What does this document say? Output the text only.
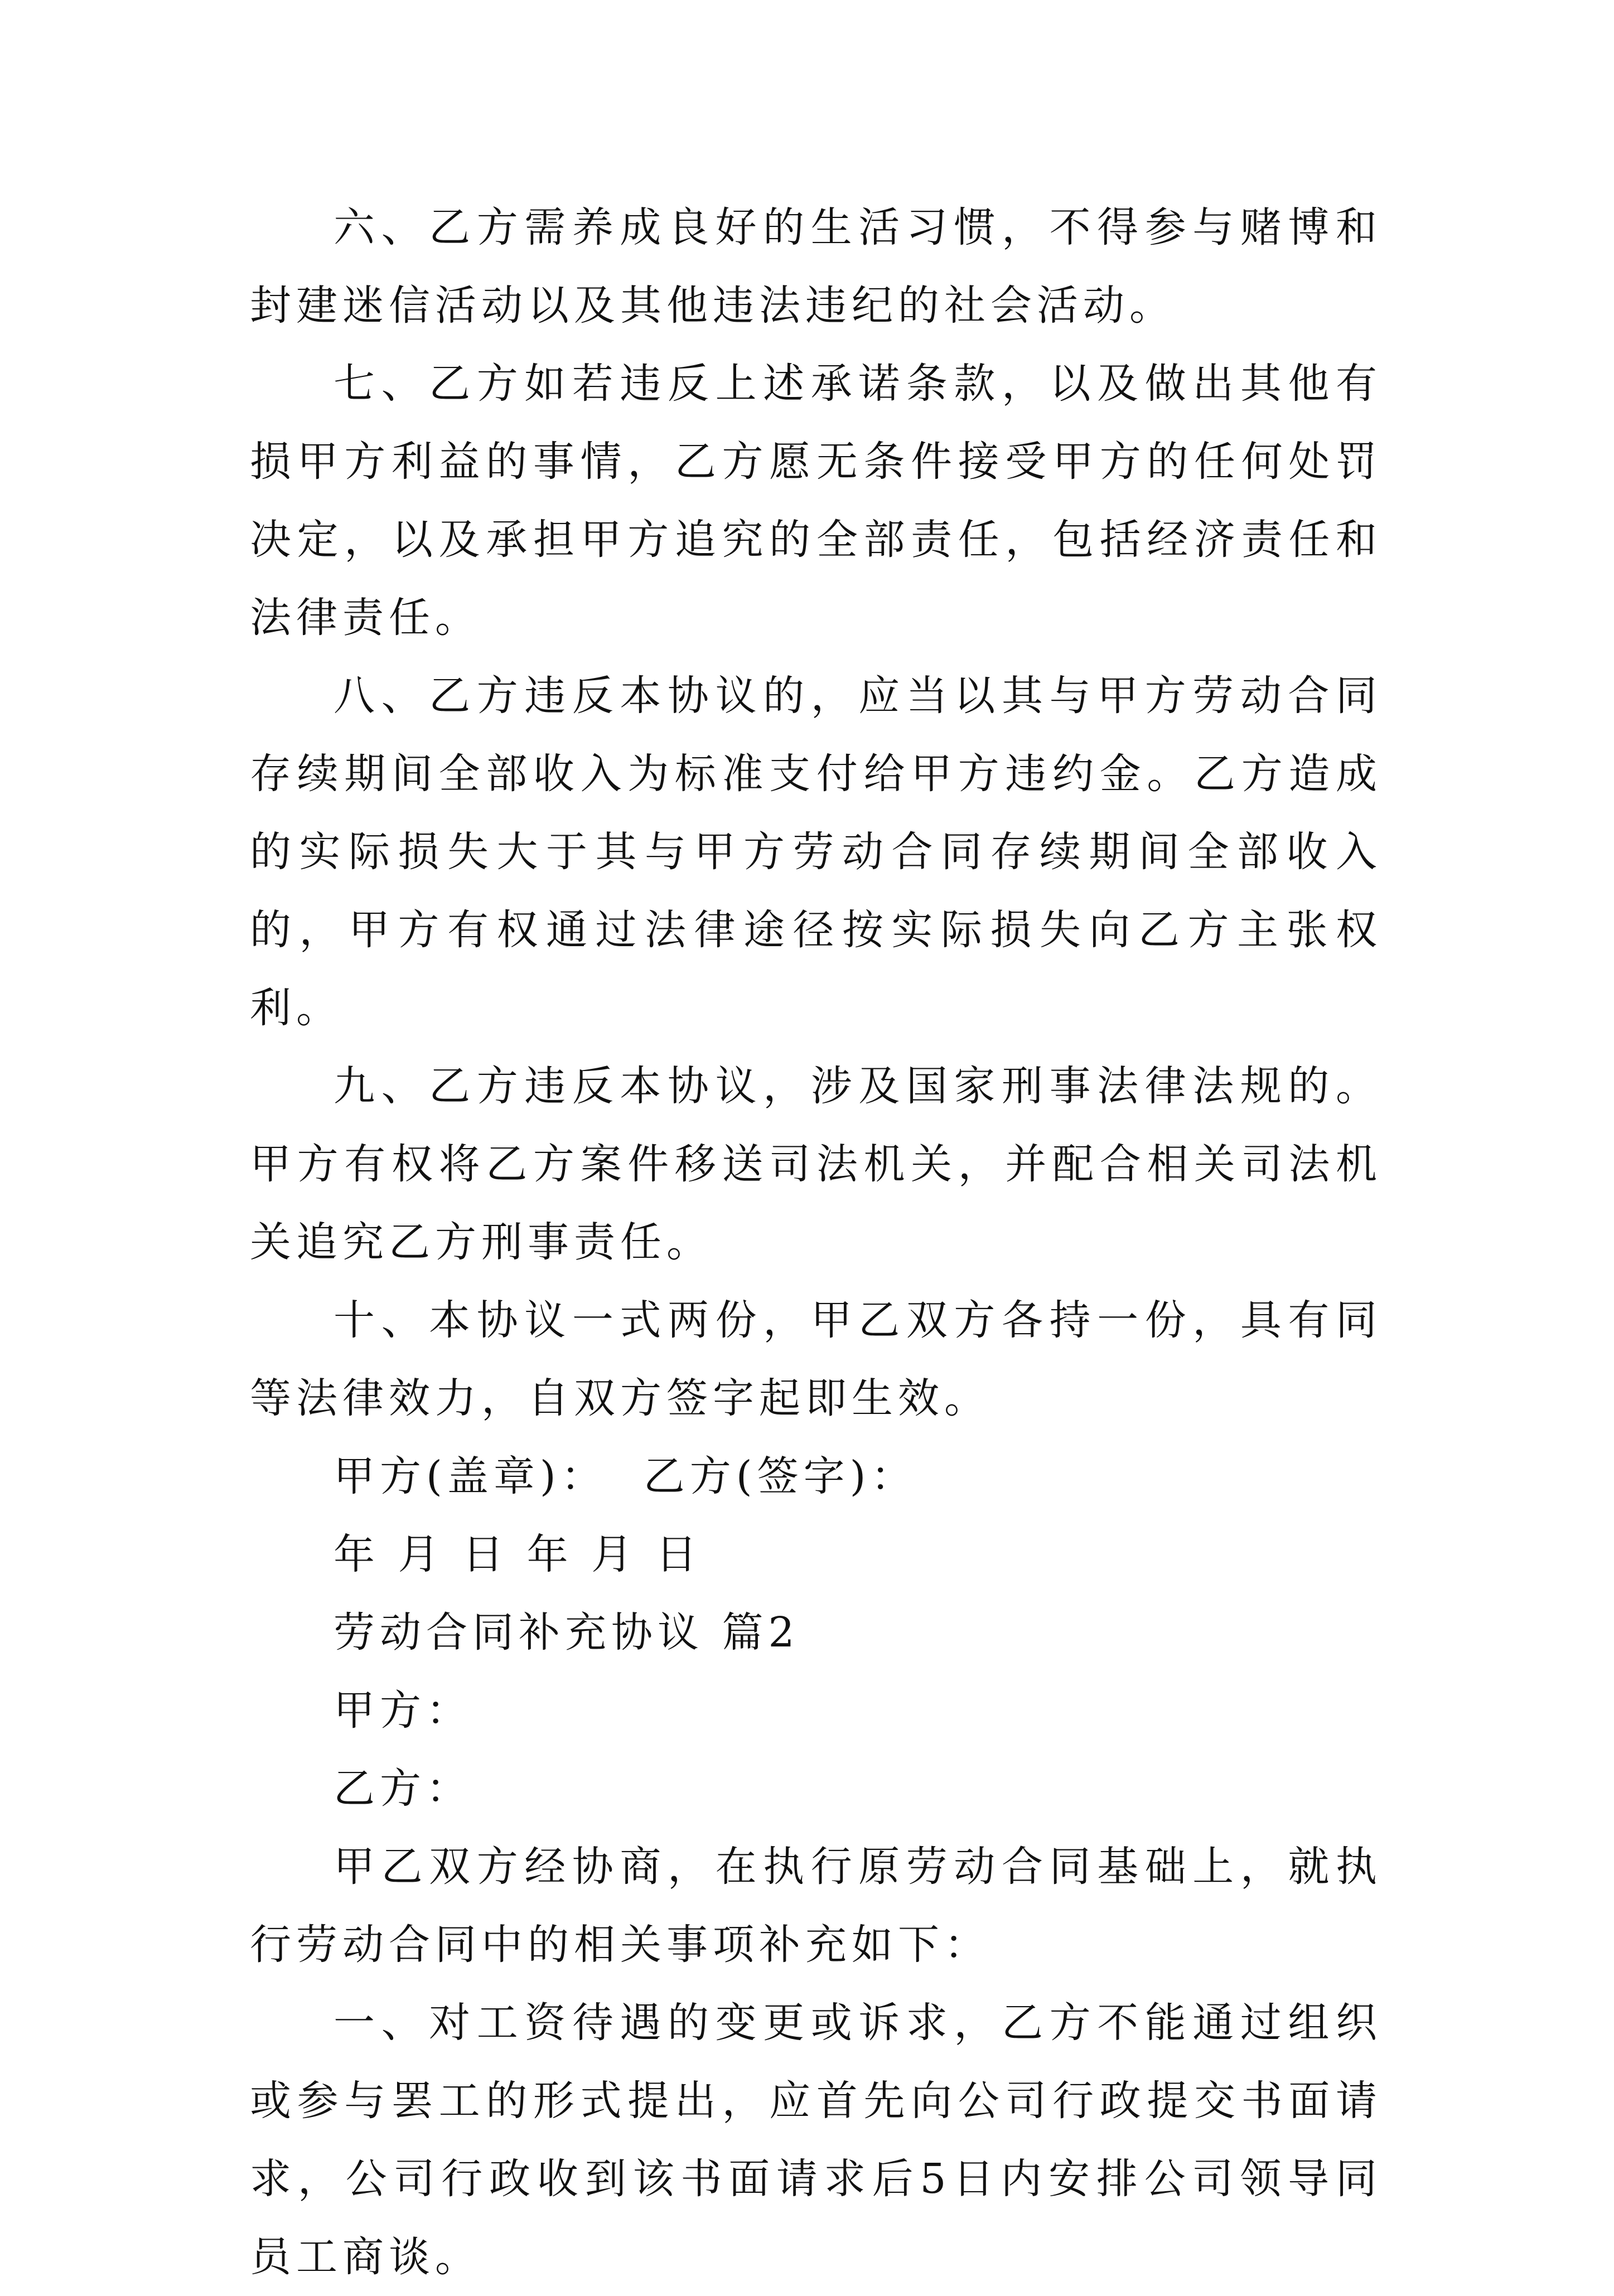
六、乙方需养成良好的生活习惯，不得参与赌博和封建迷信活动以及其他违法违纪的社会活动。

七、乙方如若违反上述承诺条款，以及做出其他有损甲方利益的事情，乙方愿无条件接受甲方的任何处罚决定，以及承担甲方追究的全部责任，包括经济责任和法律责任。

八、乙方违反本协议的，应当以其与甲方劳动合同存续期间全部收入为标准支付给甲方违约金。乙方造成的实际损失大于其与甲方劳动合同存续期间全部收入的，甲方有权通过法律途径按实际损失向乙方主张权利。

九、乙方违反本协议，涉及国家刑事法律法规的。甲方有权将乙方案件移送司法机关，并配合相关司法机关追究乙方刑事责任。

十、本协议一式两份，甲乙双方各持一份，具有同等法律效力，自双方签字起即生效。

甲方(盖章)：  乙方(签字)：

年 月 日 年 月 日

劳动合同补充协议 篇2

甲方：

乙方：

甲乙双方经协商，在执行原劳动合同基础上，就执行劳动合同中的相关事项补充如下：

一、对工资待遇的变更或诉求，乙方不能通过组织或参与罢工的形式提出，应首先向公司行政提交书面请求，公司行政收到该书面请求后5日内安排公司领导同员工商谈。
